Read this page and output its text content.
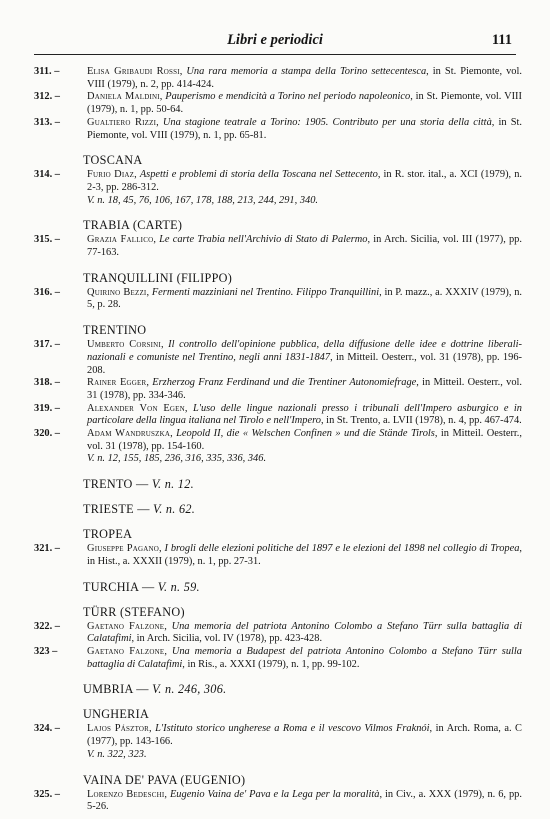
Libri e periodici	111
311. –	Elisa Gribaudi Rossi, Una rara memoria a stampa della Torino settecentesca, in St. Piemonte, vol. VIII (1979), n. 2, pp. 414-424.
312. –	Daniela Maldini, Pauperismo e mendicità a Torino nel periodo napoleonico, in St. Piemonte, vol. VIII (1979), n. 1, pp. 50-64.
313. –	Gualtiero Rizzi, Una stagione teatrale a Torino: 1905. Contributo per una storia della città, in St. Piemonte, vol. VIII (1979), n. 1, pp. 65-81.
TOSCANA
314. –	Furio Diaz, Aspetti e problemi di storia della Toscana nel Settecento, in R. stor. ital., a. XCI (1979), n. 2-3, pp. 286-312.
V. n. 18, 45, 76, 106, 167, 178, 188, 213, 244, 291, 340.
TRABIA (CARTE)
315. –	Grazia Fallico, Le carte Trabia nell'Archivio di Stato di Palermo, in Arch. Sicilia, vol. III (1977), pp. 77-163.
TRANQUILLINI (FILIPPO)
316. –	Quirino Bezzi, Fermenti mazziniani nel Trentino. Filippo Tranquillini, in P. mazz., a. XXXIV (1979), n. 5, p. 28.
TRENTINO
317. –	Umberto Corsini, Il controllo dell'opinione pubblica, della diffusione delle idee e dottrine liberali-nazionali e comuniste nel Trentino, negli anni 1831-1847, in Mitteil. Oesterr., vol. 31 (1978), pp. 196-208.
318. –	Rainer Egger, Erzherzog Franz Ferdinand und die Trentiner Autonomiefrage, in Mitteil. Oesterr., vol. 31 (1978), pp. 334-346.
319. –	Alexander Von Egen, L'uso delle lingue nazionali presso i tribunali dell'Impero asburgico e in particolare della lingua italiana nel Tirolo e nell'Impero, in St. Trento, a. LVII (1978), n. 4, pp. 467-474.
320. –	Adam Wandruszka, Leopold II, die « Welschen Confinen » und die Stände Tirols, in Mitteil. Oesterr., vol. 31 (1978), pp. 154-160.
V. n. 12, 155, 185, 236, 316, 335, 336, 346.
TRENTO — V. n. 12.
TRIESTE — V. n. 62.
TROPEA
321. –	Giuseppe Pagano, I brogli delle elezioni politiche del 1897 e le elezioni del 1898 nel collegio di Tropea, in Hist., a. XXXII (1979), n. 1, pp. 27-31.
TURCHIA — V. n. 59.
TÜRR (STEFANO)
322. –	Gaetano Falzone, Una memoria del patriota Antonino Colombo a Stefano Türr sulla battaglia di Calatafimi, in Arch. Sicilia, vol. IV (1978), pp. 423-428.
323 –	Gaetano Falzone, Una memoria a Budapest del patriota Antonino Colombo a Stefano Türr sulla battaglia di Calatafimi, in Ris., a. XXXI (1979), n. 1, pp. 99-102.
UMBRIA — V. n. 246, 306.
UNGHERIA
324. –	Lajos Pásztor, L'Istituto storico ungherese a Roma e il vescovo Vilmos Fraknói, in Arch. Roma, a. C (1977), pp. 143-166.
V. n. 322, 323.
VAINA DE' PAVA (EUGENIO)
325. –	Lorenzo Bedeschi, Eugenio Vaina de' Pava e la Lega per la moralità, in Civ., a. XXX (1979), n. 6, pp. 5-26.
